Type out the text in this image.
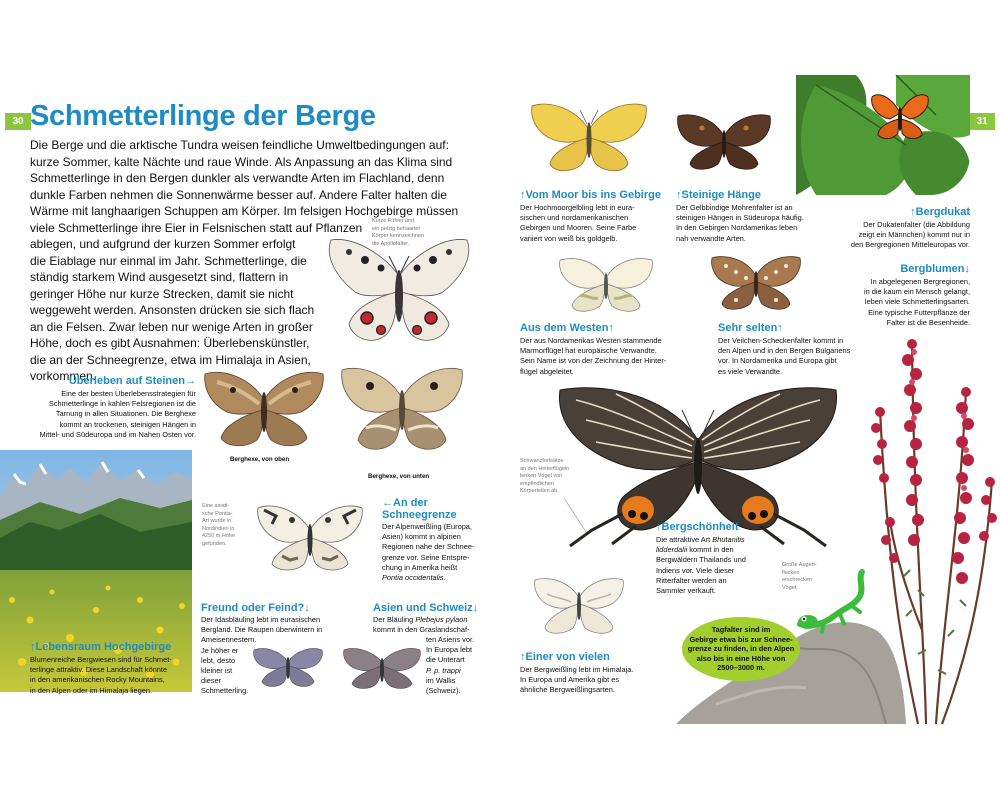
30	31
Schmetterlinge der Berge
Die Berge und die arktische Tundra weisen feindliche Umweltbedingungen auf:
kurze Sommer, kalte Nächte und raue Winde. Als Anpassung an das Klima sind
Schmetterlinge in den Bergen dunkler als verwandte Arten im Flachland, denn
dunkle Farben nehmen die Sonnenwärme besser auf. Andere Falter halten die
Wärme mit langhaarigen Schuppen am Körper. Im felsigen Hochgebirge müssen
viele Schmetterlinge ihre Eier in Felsnischen statt auf Pflanzen
ablegen, und aufgrund der kurzen Sommer erfolgt
die Eiablage nur einmal im Jahr. Schmetterlinge, die
ständig starkem Wind ausgesetzt sind, flattern in
geringer Höhe nur kurze Strecken, damit sie nicht
weggeweht werden. Ansonsten drücken sie sich flach
an die Felsen. Zwar leben nur wenige Arten in großer
Höhe, doch es gibt Ausnahmen: Überlebenskünstler,
die an der Schneegrenze, etwa im Himalaja in Asien,
vorkommen.
Kurze Fühler und
ein pelzig behaarter
Körper kennzeichnen
die Apollofalter.
Überleben auf Steinen→
Eine der besten Überlebensstrategien für
Schmetterlinge in kahlen Felsregionen ist die
Tarnung in allen Situationen. Die Berghexe
kommt an trockenen, steinigen Hängen in
Mittel- und Südeuropa und im Nahen Osten vor.
Berghexe, von oben
Berghexe, von unten
↑Lebensraum Hochgebirge
Blumenreiche Bergwiesen sind für Schmet-
terlinge attraktiv. Diese Landschaft könnte
in den amerikanischen Rocky Mountains,
in den Alpen oder im Himalaja liegen.
Eine asiati-
sche Pontia-
Art wurde in
Nordindien in
4250 m Höhe
gefunden.
←An der
Schneegrenze
Der Alpenweißling (Europa,
Asien) kommt in alpinen
Regionen nahe der Schnee-
grenze vor. Seine Entspre-
chung in Amerika heißt
Pontia occidentalis.
Freund oder Feind?↓
Der Idasbläuling lebt im eurasischen
Bergland. Die Raupen überwintern in
Ameisennestern.
Je höher er
lebt, desto
kleiner ist
dieser
Schmetterling.
Asien und Schweiz↓
Der Bläuling Plebejus pylaon
kommt in den Graslandschaf-
ten Asiens vor.
In Europa lebt
die Unterart
P. p. trappi
im Wallis
(Schweiz).
↑Vom Moor bis ins Gebirge
Der Hochmoorgelbling lebt in eura-
sischen und nordamerikanischen
Gebirgen und Mooren. Seine Farbe
variiert von weiß bis goldgelb.
↑Steinige Hänge
Der Gelbbindige Mohrenfalter ist an
steinigen Hängen in Südeuropa häufig.
In den Gebirgen Nordamerikas leben
nah verwandte Arten.
↑Bergdukat
Der Dukatenfalter (die Abbildung
zeigt ein Männchen) kommt nur in
den Bergregionen Mitteleuropas vor.
Bergblumen↓
In abgelegenen Bergregionen,
in die kaum ein Mensch gelangt,
leben viele Schmetterlingsarten.
Eine typische Futterpflanze der
Falter ist die Besenheide.
Aus dem Westen↑
Der aus Nordamerikas Westen stammende
Marmorflügel hat europäische Verwandte.
Sein Name ist von der Zeichnung der Hinter-
flügel abgeleitet.
Sehr selten↑
Der Veilchen-Scheckenfalter kommt in
den Alpen und in den Bergen Bulgariens
vor. In Nordamerika und Europa gibt
es viele Verwandte.
Schwanzfortsätze
an den Hinterflügeln
lenken Vögel von
empfindlichen
Körperteilen ab.
↑Bergschönheit
Die attraktive Art Bhutanitis
lidderdalii kommt in den
Bergwäldern Thailands und
Indiens vor. Viele dieser
Ritterfalter werden an
Sammler verkauft.
Große Augen-
flecken
erschrecken
Vögel.
↑Einer von vielen
Der Bergweißling lebt im Himalaja.
In Europa und Amerika gibt es
ähnliche Bergweißlingsarten.
Tagfalter sind im
Gebirge etwa bis zur Schnee-
grenze zu finden, in den Alpen
also bis in eine Höhe von
2500–3000 m.
